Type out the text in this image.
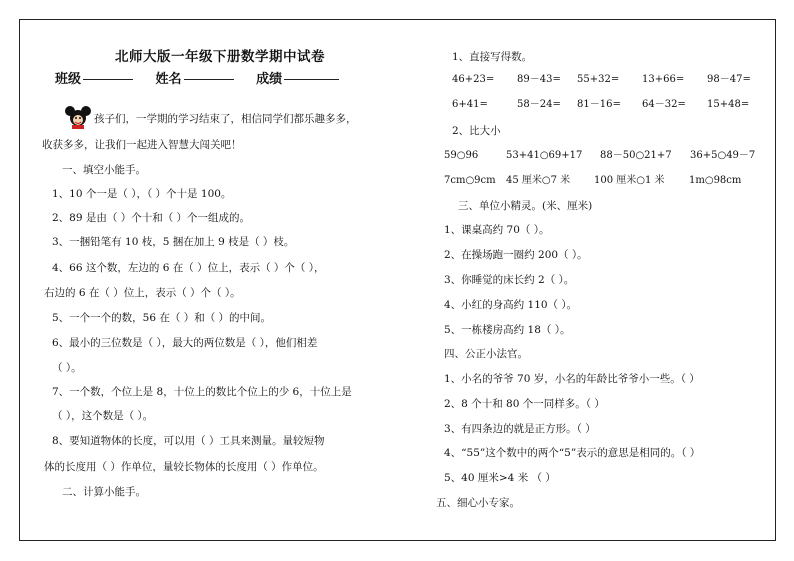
北师大版一年级下册数学期中试卷
班级	姓名	成绩
孩子们，一学期的学习结束了，相信同学们都乐趣多多，
收获多多，让我们一起进入智慧大闯关吧！
一、填空小能手。
1、10 个一是（ ），（ ）个十是 100。
2、89 是由（ ）个十和（ ）个一组成的。
3、一捆铅笔有 10 枝，5 捆在加上 9 枝是（ ）枝。
4、66 这个数，左边的 6 在（ ）位上，表示（ ）个（ ），
右边的 6 在（ ）位上，表示（ ）个（ ）。
5、一个一个的数，56 在（ ）和（ ）的中间。
6、最小的三位数是（ ），最大的两位数是（ ），他们相差
（ ）。
7、一个数，个位上是 8，十位上的数比个位上的少 6，十位上是
（ ），这个数是（ ）。
8、要知道物体的长度，可以用（ ）工具来测量。量较短物
体的长度用（ ）作单位，量较长物体的长度用（ ）作单位。
二、计算小能手。
1、直接写得数。
46+23= 89－43= 55+32= 13+66= 98－47=
6+41=	58－24= 81－16= 64－32= 15+48=
2、比大小
59○96	53+41○69+17 88－50○21+7 36+5○49－7
7cm○9cm 45 厘米○7 米 100 厘米○1 米 1m○98cm
三、单位小精灵。(米、厘米)
1、课桌高约 70（ ）。
2、在操场跑一圈约 200（ ）。
3、你睡觉的床长约 2（ ）。
4、小红的身高约 110（ ）。
5、一栋楼房高约 18（ ）。
四、公正小法官。
1、小名的爷爷 70 岁，小名的年龄比爷爷小一些。（ ）
2、8 个十和 80 个一同样多。（ ）
3、有四条边的就是正方形。（ ）
4、“55”这个数中的两个“5”表示的意思是相同的。（ ）
5、40 厘米>4 米 （ ）
五、细心小专家。
